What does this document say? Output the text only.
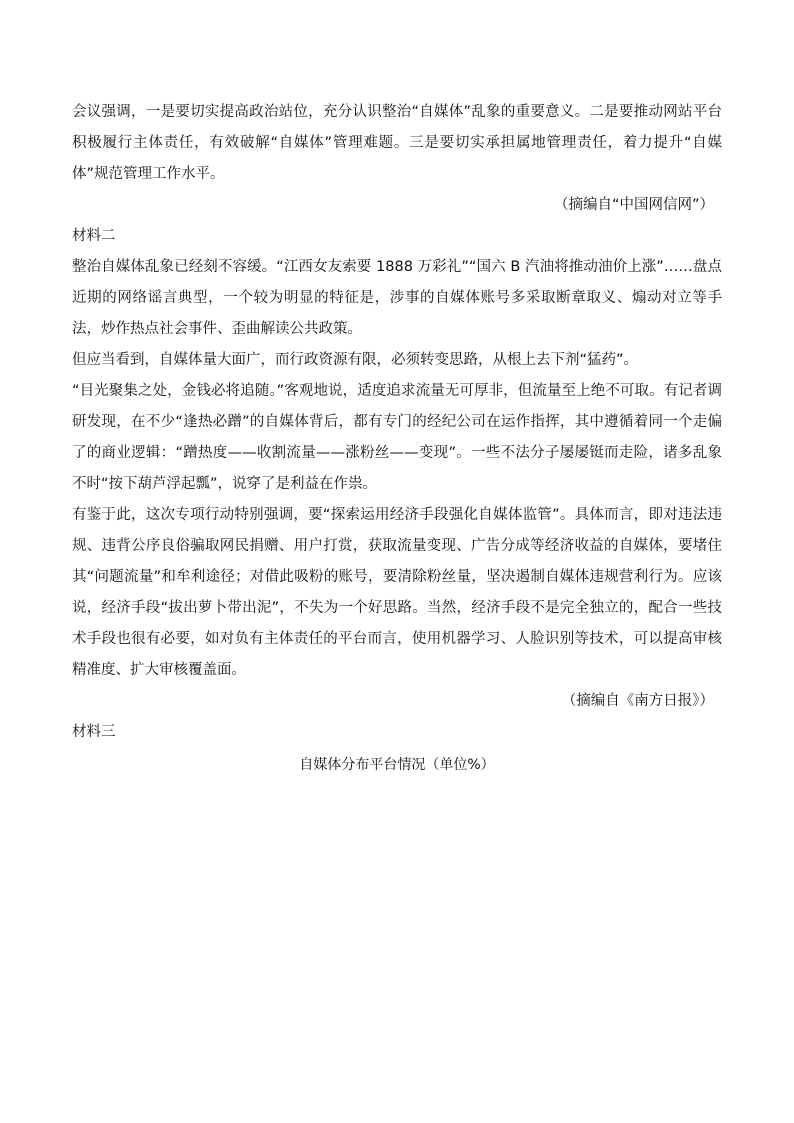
会议强调，一是要切实提高政治站位，充分认识整治“自媒体”乱象的重要意义。二是要推动网站平台积极履行主体责任，有效破解“自媒体”管理难题。三是要切实承担属地管理责任，着力提升“自媒体”规范管理工作水平。

（摘编自“中国网信网”）

材料二

整治自媒体乱象已经刻不容缓。“江西女友索要 1888 万彩礼”“国六 B 汽油将推动油价上涨”……盘点近期的网络谣言典型，一个较为明显的特征是，涉事的自媒体账号多采取断章取义、煽动对立等手法，炒作热点社会事件、歪曲解读公共政策。

但应当看到，自媒体量大面广，而行政资源有限，必须转变思路，从根上去下剂“猛药”。

“目光聚集之处，金钱必将追随。”客观地说，适度追求流量无可厚非，但流量至上绝不可取。有记者调研发现，在不少“逢热必蹭”的自媒体背后，都有专门的经纪公司在运作指挥，其中遵循着同一个走偏了的商业逻辑：“蹭热度——收割流量——涨粉丝——变现”。一些不法分子屡屡铤而走险，诸多乱象不时“按下葫芦浮起瓢”，说穿了是利益在作祟。

有鉴于此，这次专项行动特别强调，要“探索运用经济手段强化自媒体监管”。具体而言，即对违法违规、违背公序良俗骗取网民捐赠、用户打赏，获取流量变现、广告分成等经济收益的自媒体，要堵住其“问题流量”和牟利途径；对借此吸粉的账号，要清除粉丝量，坚决遏制自媒体违规营利行为。应该说，经济手段“拔出萝卜带出泥”，不失为一个好思路。当然，经济手段不是完全独立的，配合一些技术手段也很有必要，如对负有主体责任的平台而言，使用机器学习、人脸识别等技术，可以提高审核精准度、扩大审核覆盖面。

（摘编自《南方日报》）

材料三

自媒体分布平台情况（单位%）
